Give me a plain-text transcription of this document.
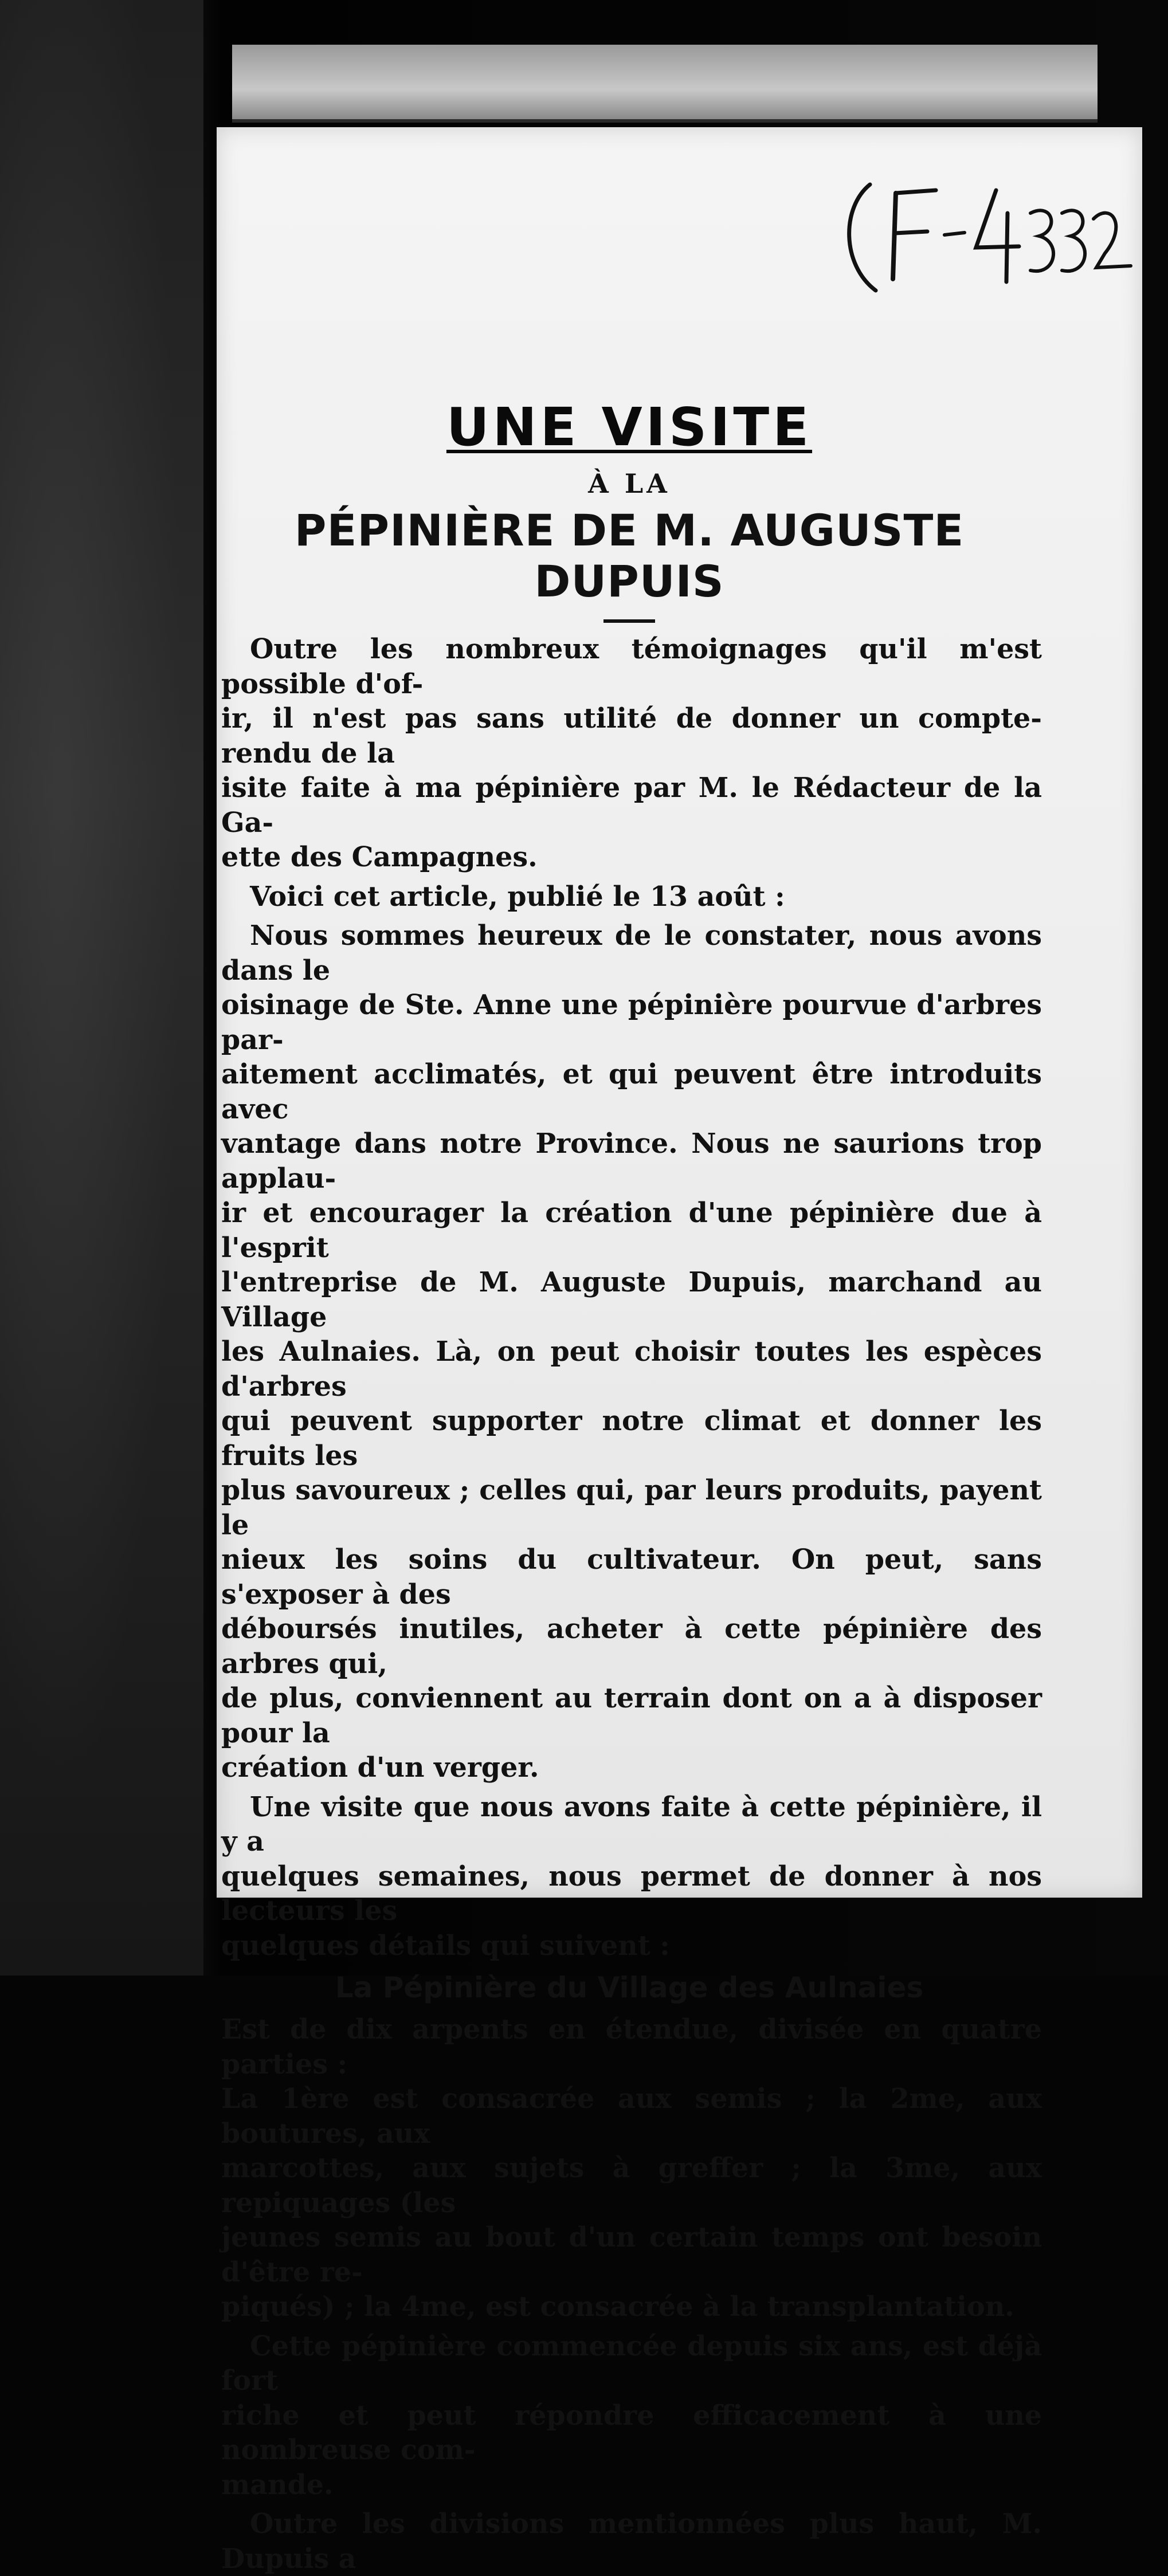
UNE VISITE
À LA
PÉPINIÈRE DE M. AUGUSTE DUPUIS

Outre les nombreux témoignages qu'il m'est possible d'of-
ir, il n'est pas sans utilité de donner un compte-rendu de la
isite faite à ma pépinière par M. le Rédacteur de la Ga-
ette des Campagnes.

Voici cet article, publié le 13 août :

Nous sommes heureux de le constater, nous avons dans le
oisinage de Ste. Anne une pépinière pourvue d'arbres par-
aitement acclimatés, et qui peuvent être introduits avec
vantage dans notre Province. Nous ne saurions trop applau-
ir et encourager la création d'une pépinière due à l'esprit
l'entreprise de M. Auguste Dupuis, marchand au Village
les Aulnaies. Là, on peut choisir toutes les espèces d'arbres
qui peuvent supporter notre climat et donner les fruits les
plus savoureux ; celles qui, par leurs produits, payent le
nieux les soins du cultivateur. On peut, sans s'exposer à des
déboursés inutiles, acheter à cette pépinière des arbres qui,
de plus, conviennent au terrain dont on a à disposer pour la
création d'un verger.

Une visite que nous avons faite à cette pépinière, il y a
quelques semaines, nous permet de donner à nos lecteurs les
quelques détails qui suivent :

La Pépinière du Village des Aulnaies

Est de dix arpents en étendue, divisée en quatre parties :
La 1ère est consacrée aux semis ; la 2me, aux boutures, aux
marcottes, aux sujets à greffer ; la 3me, aux repiquages (les
jeunes semis au bout d'un certain temps ont besoin d'être re-
piqués) ; la 4me, est consacrée à la transplantation.

Cette pépinière commencée depuis six ans, est déjà fort
riche et peut répondre efficacement à une nombreuse com-
mande.

Outre les divisions mentionnées plus haut, M. Dupuis a
